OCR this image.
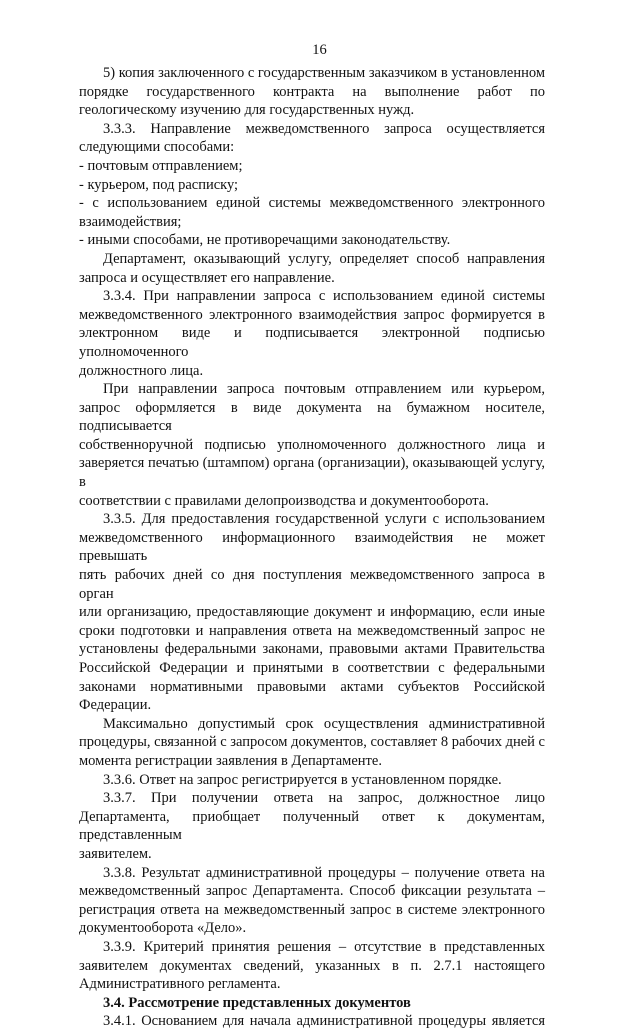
16
5) копия заключенного с государственным заказчиком в установленном
порядке государственного контракта на выполнение работ по
геологическому изучению для государственных нужд.
3.3.3. Направление межведомственного запроса осуществляется
следующими способами:
- почтовым отправлением;
- курьером, под расписку;
- с использованием единой системы межведомственного электронного
взаимодействия;
- иными способами, не противоречащими законодательству.
Департамент, оказывающий услугу, определяет способ направления
запроса и осуществляет его направление.
3.3.4. При направлении запроса с использованием единой системы
межведомственного электронного взаимодействия запрос формируется в
электронном виде и подписывается электронной подписью уполномоченного
должностного лица.
При направлении запроса почтовым отправлением или курьером,
запрос оформляется в виде документа на бумажном носителе, подписывается
собственноручной подписью уполномоченного должностного лица и
заверяется печатью (штампом) органа (организации), оказывающей услугу, в
соответствии с правилами делопроизводства и документооборота.
3.3.5. Для предоставления государственной услуги с использованием
межведомственного информационного взаимодействия не может превышать
пять рабочих дней со дня поступления межведомственного запроса в орган
или организацию, предоставляющие документ и информацию, если иные
сроки подготовки и направления ответа на межведомственный запрос не
установлены федеральными законами, правовыми актами Правительства
Российской Федерации и принятыми в соответствии с федеральными
законами нормативными правовыми актами субъектов Российской
Федерации.
Максимально допустимый срок осуществления административной
процедуры, связанной с запросом документов, составляет 8 рабочих дней с
момента регистрации заявления в Департаменте.
3.3.6. Ответ на запрос регистрируется в установленном порядке.
3.3.7. При получении ответа на запрос, должностное лицо
Департамента, приобщает полученный ответ к документам, представленным
заявителем.
3.3.8. Результат административной процедуры – получение ответа на
межведомственный запрос Департамента. Способ фиксации результата –
регистрация ответа на межведомственный запрос в системе электронного
документооборота «Дело».
3.3.9. Критерий принятия решения – отсутствие в представленных
заявителем документах сведений, указанных в п. 2.7.1 настоящего
Административного регламента.
3.4. Рассмотрение представленных документов
3.4.1. Основанием для начала административной процедуры является
